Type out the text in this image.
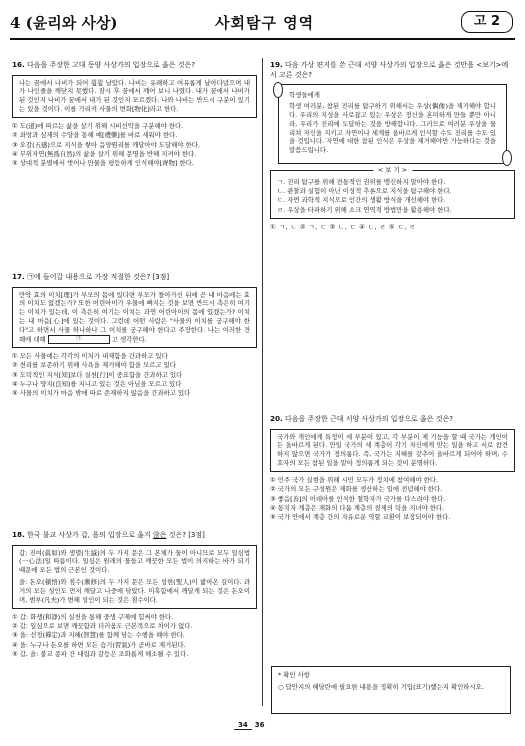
4 (윤리와 사상)	사회탐구 영역	고 2
16. 다음을 주장한 고대 동양 사상가의 입장으로 옳은 것은?
나는 꿈에서 나비가 되어 훨훨 날았다. 나비는 유쾌하고 여유롭게 날아다녔으며 내가 나인줄을 깨닫지 못했다. 잠시 후 꿈에서 깨어 보니 나였다. 내가 꿈에서 나비가 된 것인지 나비가 꿈에서 내가 된 것인지 모르겠다. 나와 나비는 반드시 구분이 있기는 있을 것이다. 이를 가리켜 사물의 변화[物化]라고 한다.
① 도(道)에 따르는 삶을 살기 위해 시비선악을 구분해야 한다.
② 좌망과 심재의 수양을 통해 예[禮樂]를 바로 세워야 한다.
③ 오감(五感)으로 지식을 쌓아 음양원리를 깨달아야 도달해야 한다.
④ 무위자연(無爲自然)의 삶을 살기 위해 문명을 반해 지켜야 한다.
⑤ 상대적 분별에서 벗어나 만물을 평등하게 인식해야[齊物] 한다.
17. ㉠에 들어갈 내용으로 가장 적절한 것은? [3점]
만약 효의 이치[理]가 부모의 몸에 있다면 부모가 돌아가신 뒤에 곧 내 마음에는 효의 이치도 없겠는가? 또한 어린아이가 우물에 빠지는 것을 보면 반드시 측은히 여기는 이치가 있는데, 이 측은히 여기는 이치는 과연 어린아이의 몸에 있겠는가? 이치는 내 마음[心]에 있는 것이다. 그런데 어떤 사람은 "사물의 이치를 궁구해야 한다"고 하면서 사물 하나하나 그 이치를 궁구해야 한다고 주장한다. 나는 이러한 견해에 대해	㉠	고 생각한다.
① 모든 사물에는 각각의 이치가 내재함을 간과하고 있다
② 천리를 보존하기 위해 사욕을 제거해야 함을 모르고 있다
③ 도덕적인 지식[知]보다 실천[行]이 중요함을 간과하고 있다
④ 누구나 양지(良知)를 지니고 있는 것은 아님을 모르고 있다
⑤ 사물의 이치가 마음 밖에 따로 존재하지 않음을 간과하고 있다
18. 한국 불교 사상가 갑, 을의 입장으로 옳지 않은 것은? [3점]
갑: 진여(眞如)와 생멸(生滅)의 두 가지 문은 그 본체가 둘이 아니므로 모두 일심법(一心法)일 따름이다. 일심은 원래의 물들고 깨끗한 모든 법이 의지하는 바가 되기 때문에 모든 법의 근본인 것이다.
을: 돈오(頓悟)와 점수(漸修)의 두 가지 문은 모든 성현(聖人)이 밟아온 길이다. 과거의 모든 성인도 먼저 깨달고 나중에 닦았다. 미혹함에서 깨달게 되는 것은 돈오이며, 범부(凡夫)가 변해 성인이 되는 것은 점수이다.
① 갑: 화쟁(和諍)의 실천을 통해 중생 구제에 힘써야 한다.
② 갑: 일심으로 보면 깨끗함과 더러움도 근본적으로 차이가 없다.
③ 을: 선정(禪定)과 지혜(智慧)를 함께 닦는 수행을 해야 한다.
④ 을: 누구나 돈오를 하면 모든 습기(習氣)가 곧바로 제거된다.
⑤ 갑, 을: 불교 종파 간 대립과 갈등은 조화롭게 해소될 수 있다.
19. 다음 가상 편지를 쓴 근대 서양 사상가의 입장으로 옳은 것만을 <보기>에서 고른 것은?
학생들에게
학생 여러분, 참된 진리를 탐구하기 위해서는 우상(偶像)을 제거해야 합니다. 우리의 지성을 사로잡고 있는 우상은 정신을 혼미하게 만들 뿐만 아니라, 우리가 진리에 도달하는 것을 방해합니다. 그러므로 여러분 우상을 물리쳐 자신을 지키고 자연이나 세계를 올바르게 인식할 수도 진리를 수도 있을 것입니다. 자연에 대한 참된 인식은 우상을 제거해야만 가능하다는 것을 말씀드립니다.
< 보 기 >
ㄱ. 진리 탐구를 위해 전통적인 권위를 맹신하지 말아야 한다.
ㄴ. 관찰과 실험이 아닌 이성적 추론으로 지식을 탐구해야 한다.
ㄷ. 자연 과학적 지식으로 인간의 생활 방식을 개선해야 한다.
ㄹ. 우상을 타파하기 위해 소크 연역적 방법만을 활용해야 한다.
① ㄱ, ㄴ ② ㄱ, ㄷ ③ ㄴ, ㄷ ④ ㄴ, ㄹ ⑤ ㄷ, ㄹ
20. 다음을 주장한 근대 서양 사상가의 입장으로 옳은 것은?
국가와 개인에게 특정이 세 부분이 있고, 각 부분이 제 기능을 할 때 국가는 개인이든 올바르게 된다. 만일 국가의 세 계층이 각기 자신에게 맞는 일을 하고 서로 참견하지 않으면 국가가 정의롭다. 즉, 국가는 지혜를 갖추어 올바르게 되어야 하며, 수호자의 모든 참된 일을 맡아 정의롭게 되는 것이 분명하다.
① 민주 국가 실현을 위해 시민 모두가 정치에 참여해야 한다.
② 국가의 모든 구성원은 재화를 생산하는 일에 전념해야 한다.
③ 좋음[善]의 이데아를 인식한 철학자가 국가를 다스려야 한다.
④ 통치자 계층은 재화의 다툼 계층의 절제의 덕을 지녀야 한다.
⑤ 국가 안에서 계층 간의 자유로운 역할 교환이 보장되어야 한다.
* 확인 사항
○ 답안지의 해당란에 필요한 내용을 정확히 기입(표기)했는지 확인하시오.
34 36
